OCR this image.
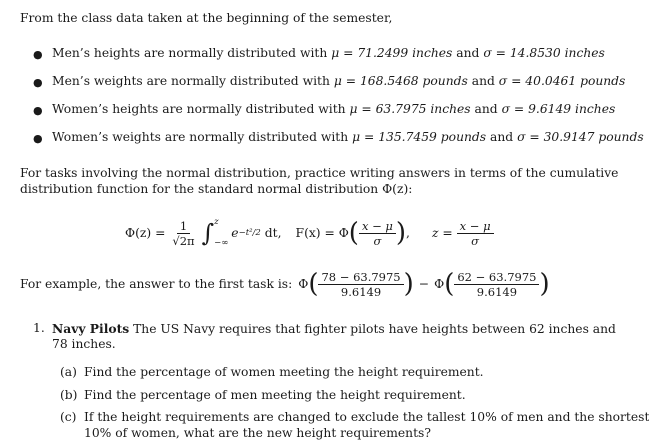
From the class data taken at the beginning of the semester,
● Men’s heights are normally distributed with μ = 71.2499 inches and σ = 14.8530 inches
● Men’s weights are normally distributed with μ = 168.5468 pounds and σ = 40.0461 pounds
● Women’s heights are normally distributed with μ = 63.7975 inches and σ = 9.6149 inches
● Women’s weights are normally distributed with μ = 135.7459 pounds and σ = 30.9147 pounds
For tasks involving the normal distribution, practice writing answers in terms of the cumulative
distribution function for the standard normal distribution Φ(z):
$\Phi(z) = \frac{1}{√2\pi}$ ∫ z
−∞
e −t²/2 dt, F(x) = Φ ( $\frac{x - \mu}{\sigma}$ ) , $z = \frac{x - \mu}{\sigma}$
For example, the answer to the first task is: Φ ( $\frac{78 - 63.7975}{9.6149}$ ) − Φ ( $\frac{62 - 63.7975}{9.6149}$ )
1. Navy Pilots The US Navy requires that fighter pilots have heights between 62 inches and
78 inches.
(a) Find the percentage of women meeting the height requirement.
(b) Find the percentage of men meeting the height requirement.
(c) If the height requirements are changed to exclude the tallest 10% of men and the shortest
10% of women, what are the new height requirements?
